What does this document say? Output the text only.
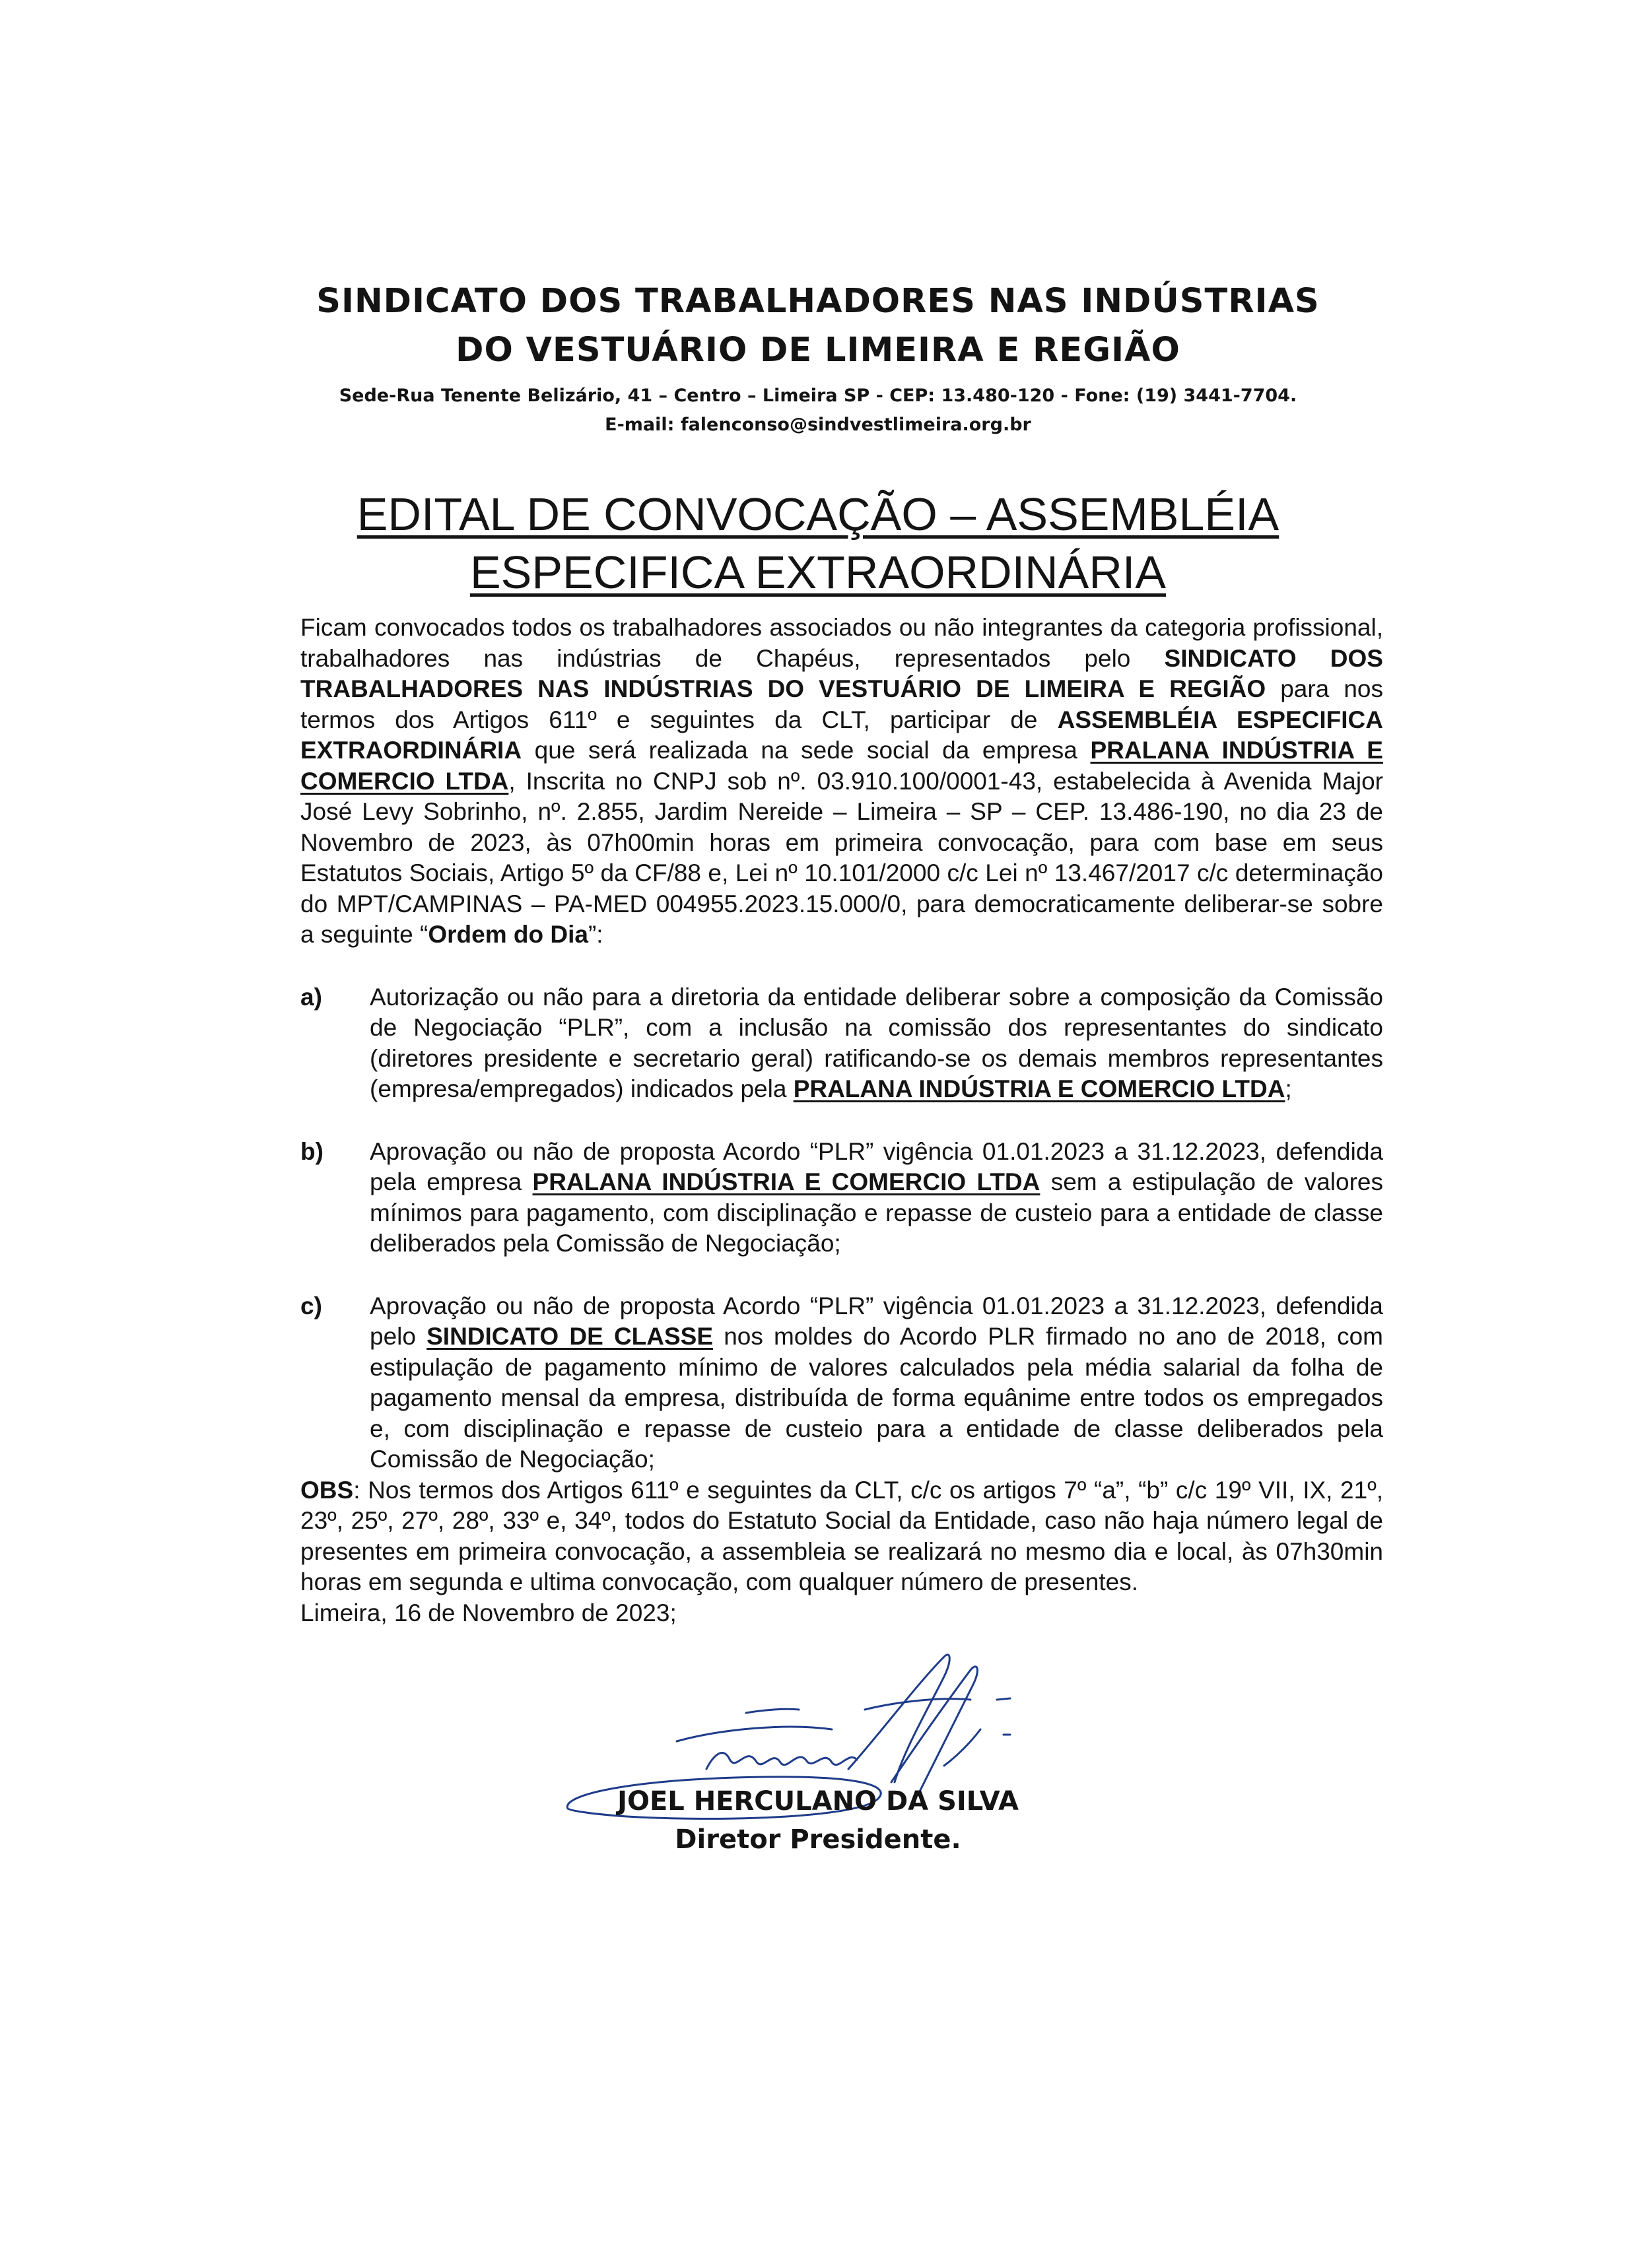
SINDICATO DOS TRABALHADORES NAS INDÚSTRIAS

DO VESTUÁRIO DE LIMEIRA E REGIÃO

Sede-Rua Tenente Belizário, 41 – Centro – Limeira SP - CEP: 13.480-120 - Fone: (19) 3441-7704.

E-mail: falenconso@sindvestlimeira.org.br

EDITAL DE CONVOCAÇÃO – ASSEMBLÉIA
ESPECIFICA EXTRAORDINÁRIA

Ficam convocados todos os trabalhadores associados ou não integrantes da categoria profissional, trabalhadores nas indústrias de Chapéus, representados pelo SINDICATO DOS TRABALHADORES NAS INDÚSTRIAS DO VESTUÁRIO DE LIMEIRA E REGIÃO para nos termos dos Artigos 611º e seguintes da CLT, participar de ASSEMBLÉIA ESPECIFICA EXTRAORDINÁRIA que será realizada na sede social da empresa PRALANA INDÚSTRIA E COMERCIO LTDA, Inscrita no CNPJ sob nº. 03.910.100/0001-43, estabelecida à Avenida Major José Levy Sobrinho, nº. 2.855, Jardim Nereide – Limeira – SP – CEP. 13.486-190, no dia 23 de Novembro de 2023, às 07h00min horas em primeira convocação, para com base em seus Estatutos Sociais, Artigo 5º da CF/88 e, Lei nº 10.101/2000 c/c Lei nº 13.467/2017 c/c determinação do MPT/CAMPINAS – PA-MED 004955.2023.15.000/0, para democraticamente deliberar-se sobre a seguinte “Ordem do Dia”:

a) Autorização ou não para a diretoria da entidade deliberar sobre a composição da Comissão de Negociação “PLR”, com a inclusão na comissão dos representantes do sindicato (diretores presidente e secretario geral) ratificando-se os demais membros representantes (empresa/empregados) indicados pela PRALANA INDÚSTRIA E COMERCIO LTDA;
b) Aprovação ou não de proposta Acordo “PLR” vigência 01.01.2023 a 31.12.2023, defendida pela empresa PRALANA INDÚSTRIA E COMERCIO LTDA sem a estipulação de valores mínimos para pagamento, com disciplinação e repasse de custeio para a entidade de classe deliberados pela Comissão de Negociação;
c) Aprovação ou não de proposta Acordo “PLR” vigência 01.01.2023 a 31.12.2023, defendida pelo SINDICATO DE CLASSE nos moldes do Acordo PLR firmado no ano de 2018, com estipulação de pagamento mínimo de valores calculados pela média salarial da folha de pagamento mensal da empresa, distribuída de forma equânime entre todos os empregados e, com disciplinação e repasse de custeio para a entidade de classe deliberados pela Comissão de Negociação;

OBS: Nos termos dos Artigos 611º e seguintes da CLT, c/c os artigos 7º “a”, “b” c/c 19º VII, IX, 21º, 23º, 25º, 27º, 28º, 33º e, 34º, todos do Estatuto Social da Entidade, caso não haja número legal de presentes em primeira convocação, a assembleia se realizará no mesmo dia e local, às 07h30min horas em segunda e ultima convocação, com qualquer número de presentes.

Limeira, 16 de Novembro de 2023;

JOEL HERCULANO DA SILVA
Diretor Presidente.
